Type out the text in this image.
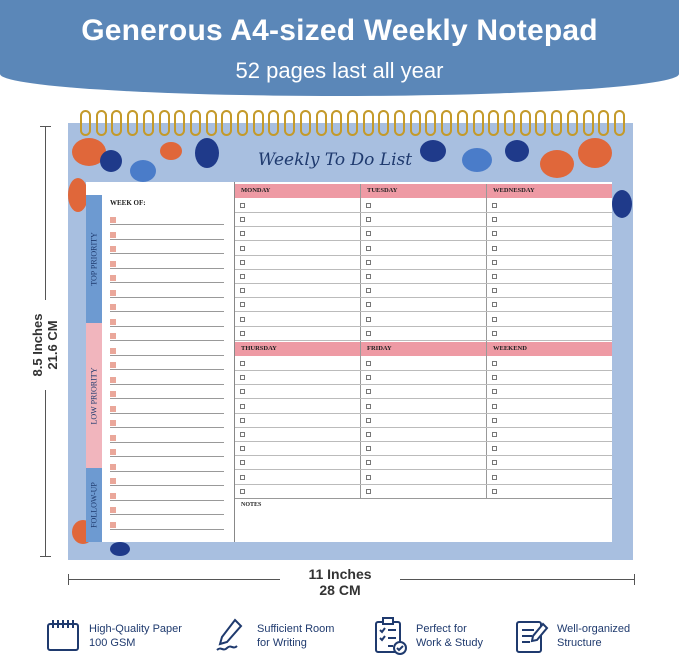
Generous A4-sized Weekly Notepad
52 pages last all year
8.5 Inches 21.6 CM
Weekly To Do List
TOP PRIORITY
LOW PRIORITY
FOLLOW-UP
WEEK OF:
MONDAY	TUESDAY	WEDNESDAY
THURSDAY	FRIDAY	WEEKEND
NOTES
11 Inches
28 CM
High-Quality Paper
100 GSM
Sufficient Room
for Writing
Perfect for
Work & Study
Well-organized
Structure
